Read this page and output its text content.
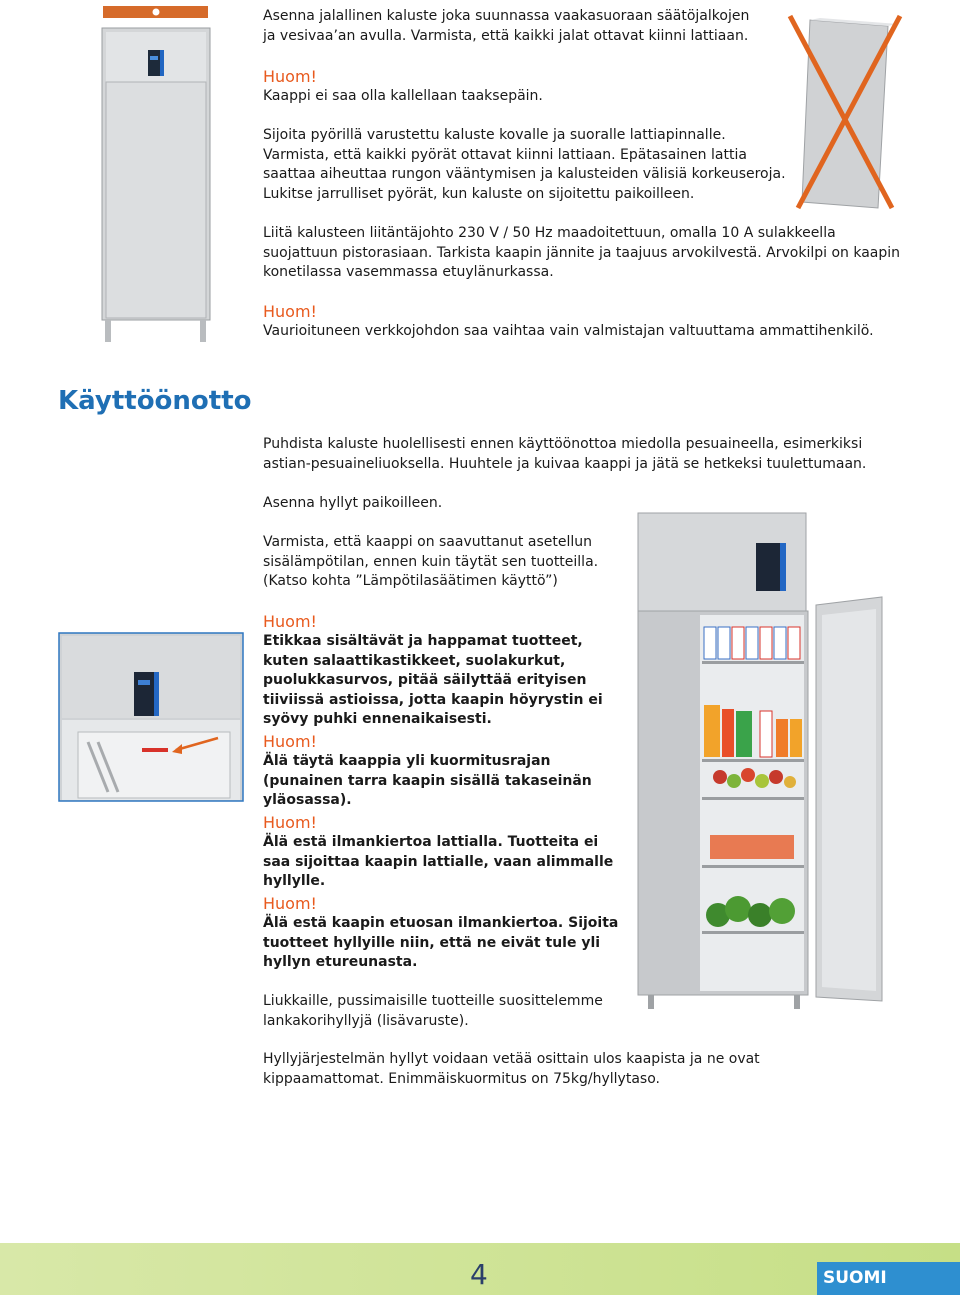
Asenna jalallinen kaluste joka suunnassa vaakasuoraan säätöjalkojen ja vesivaa’an avulla. Varmista, että kaikki jalat ottavat kiinni lattiaan.

Huom!
Kaappi ei saa olla kallellaan taaksepäin.

Sijoita pyörillä varustettu kaluste kovalle ja suoralle lattiapinnalle. Varmista, että kaikki pyörät ottavat kiinni lattiaan. Epätasainen lattia saattaa aiheuttaa rungon vääntymisen ja kalusteiden välisiä korkeuseroja. Lukitse jarrulliset pyörät, kun kaluste on sijoitettu paikoilleen.

Liitä kalusteen liitäntäjohto 230 V / 50 Hz maadoitettuun, omalla 10 A sulakkeella suojattuun pistorasiaan. Tarkista kaapin jännite ja taajuus arvokilvestä. Arvokilpi on kaapin konetilassa vasemmassa etuylänurkassa.

Huom!
Vaurioituneen verkkojohdon saa vaihtaa vain valmistajan valtuuttama ammattihenkilö.
Käyttöönotto

Puhdista kaluste huolellisesti ennen käyttöönottoa miedolla pesuaineella, esimerkiksi astian-pesuaineliuoksella. Huuhtele ja kuivaa kaappi ja jätä se hetkeksi tuulettumaan.

Asenna hyllyt paikoilleen.

Varmista, että kaappi on saavuttanut asetellun sisälämpötilan, ennen kuin täytät sen tuotteilla. (Katso kohta ”Lämpötilasäätimen käyttö”)

Huom!
Etikkaa sisältävät ja happamat tuotteet, kuten salaattikastikkeet, suolakurkut, puolukkasurvos, pitää säilyttää erityisen tiiviissä astioissa, jotta kaapin höyrystin ei syövy puhki ennenaikaisesti.
Huom!
Älä täytä kaappia yli kuormitusrajan (punainen tarra kaapin sisällä takaseinän yläosassa).
Huom!
Älä estä ilmankiertoa lattialla. Tuotteita ei saa sijoittaa kaapin lattialle, vaan alimmalle hyllylle.
Huom!
Älä estä kaapin etuosan ilmankiertoa. Sijoita tuotteet hyllyille niin, että ne eivät tule yli hyllyn etureunasta.

Liukkaille, pussimaisille tuotteille suosittelemme lankakorihyllyjä (lisävaruste).

Hyllyjärjestelmän hyllyt voidaan vetää osittain ulos kaapista ja ne ovat kippaamattomat. Enimmäiskuormitus on 75kg/hyllytaso.

4	SUOMI
